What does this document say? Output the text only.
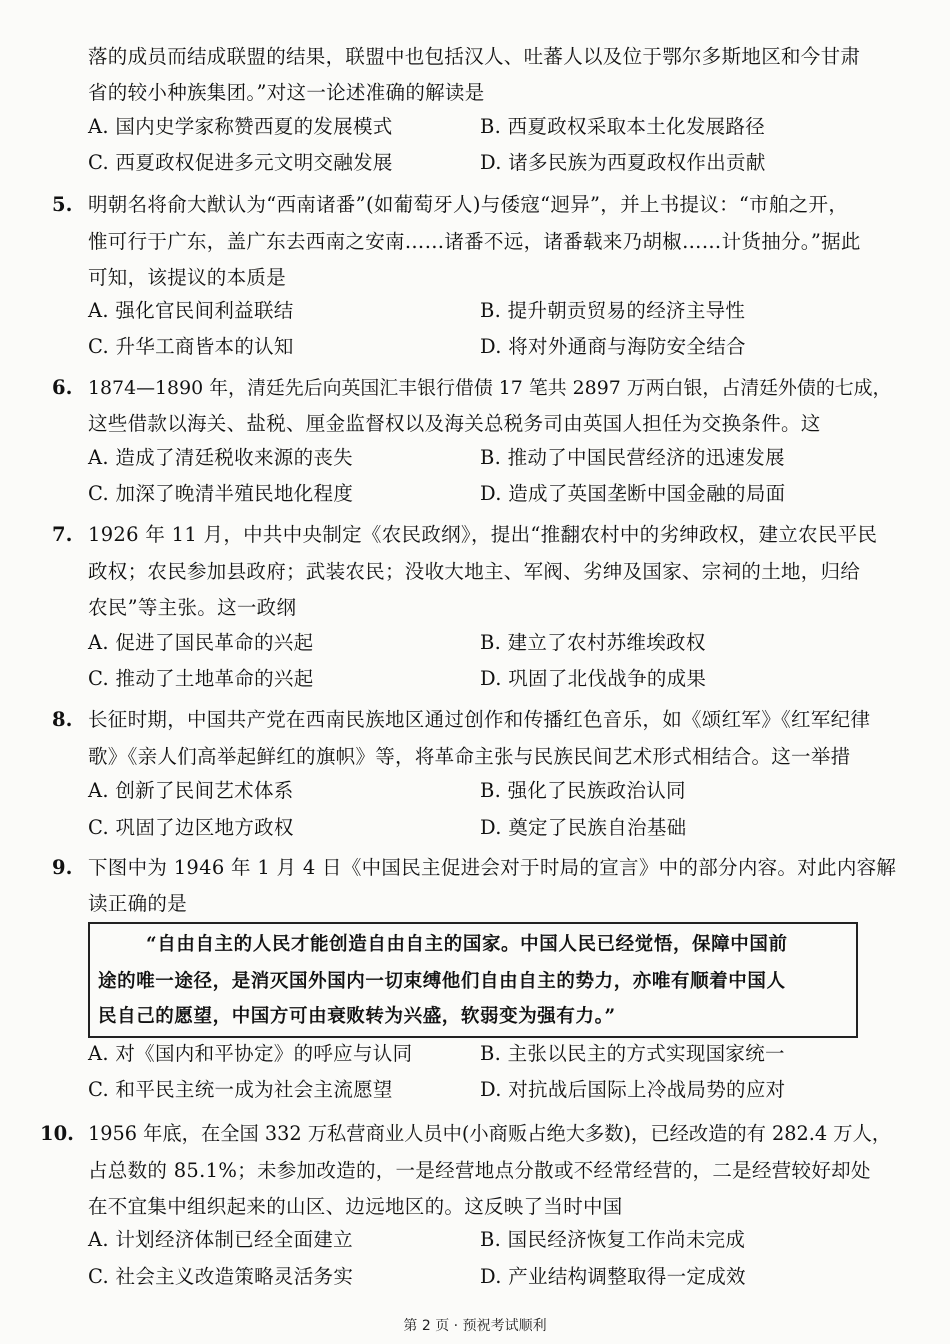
落的成员而结成联盟的结果，联盟中也包括汉人、吐蕃人以及位于鄂尔多斯地区和今甘肃
省的较小种族集团。”对这一论述准确的解读是
A. 国内史学家称赞西夏的发展模式	B. 西夏政权采取本土化发展路径
C. 西夏政权促进多元文明交融发展	D. 诸多民族为西夏政权作出贡献
5. 明朝名将俞大猷认为“西南诸番”(如葡萄牙人)与倭寇“迥异”，并上书提议：“市舶之开，
惟可行于广东，盖广东去西南之安南……诸番不远，诸番载来乃胡椒……计货抽分。”据此
可知，该提议的本质是
A. 强化官民间利益联结	B. 提升朝贡贸易的经济主导性
C. 升华工商皆本的认知	D. 将对外通商与海防安全结合
6. 1874—1890 年，清廷先后向英国汇丰银行借债 17 笔共 2897 万两白银，占清廷外债的七成，
这些借款以海关、盐税、厘金监督权以及海关总税务司由英国人担任为交换条件。这
A. 造成了清廷税收来源的丧失	B. 推动了中国民营经济的迅速发展
C. 加深了晚清半殖民地化程度	D. 造成了英国垄断中国金融的局面
7. 1926 年 11 月，中共中央制定《农民政纲》，提出“推翻农村中的劣绅政权，建立农民平民
政权；农民参加县政府；武装农民；没收大地主、军阀、劣绅及国家、宗祠的土地，归给
农民”等主张。这一政纲
A. 促进了国民革命的兴起	B. 建立了农村苏维埃政权
C. 推动了土地革命的兴起	D. 巩固了北伐战争的成果
8. 长征时期，中国共产党在西南民族地区通过创作和传播红色音乐，如《颂红军》《红军纪律
歌》《亲人们高举起鲜红的旗帜》等，将革命主张与民族民间艺术形式相结合。这一举措
A. 创新了民间艺术体系	B. 强化了民族政治认同
C. 巩固了边区地方政权	D. 奠定了民族自治基础
9. 下图中为 1946 年 1 月 4 日《中国民主促进会对于时局的宣言》中的部分内容。对此内容解
读正确的是
“自由自主的人民才能创造自由自主的国家。中国人民已经觉悟，保障中国前
途的唯一途径，是消灭国外国内一切束缚他们自由自主的势力，亦唯有顺着中国人
民自己的愿望，中国方可由衰败转为兴盛，软弱变为强有力。”
A. 对《国内和平协定》的呼应与认同	B. 主张以民主的方式实现国家统一
C. 和平民主统一成为社会主流愿望	D. 对抗战后国际上冷战局势的应对
10. 1956 年底，在全国 332 万私营商业人员中(小商贩占绝大多数)，已经改造的有 282.4 万人，
占总数的 85.1%；未参加改造的，一是经营地点分散或不经常经营的，二是经营较好却处
在不宜集中组织起来的山区、边远地区的。这反映了当时中国
A. 计划经济体制已经全面建立	B. 国民经济恢复工作尚未完成
C. 社会主义改造策略灵活务实	D. 产业结构调整取得一定成效
第 2 页 · 预祝考试顺利
